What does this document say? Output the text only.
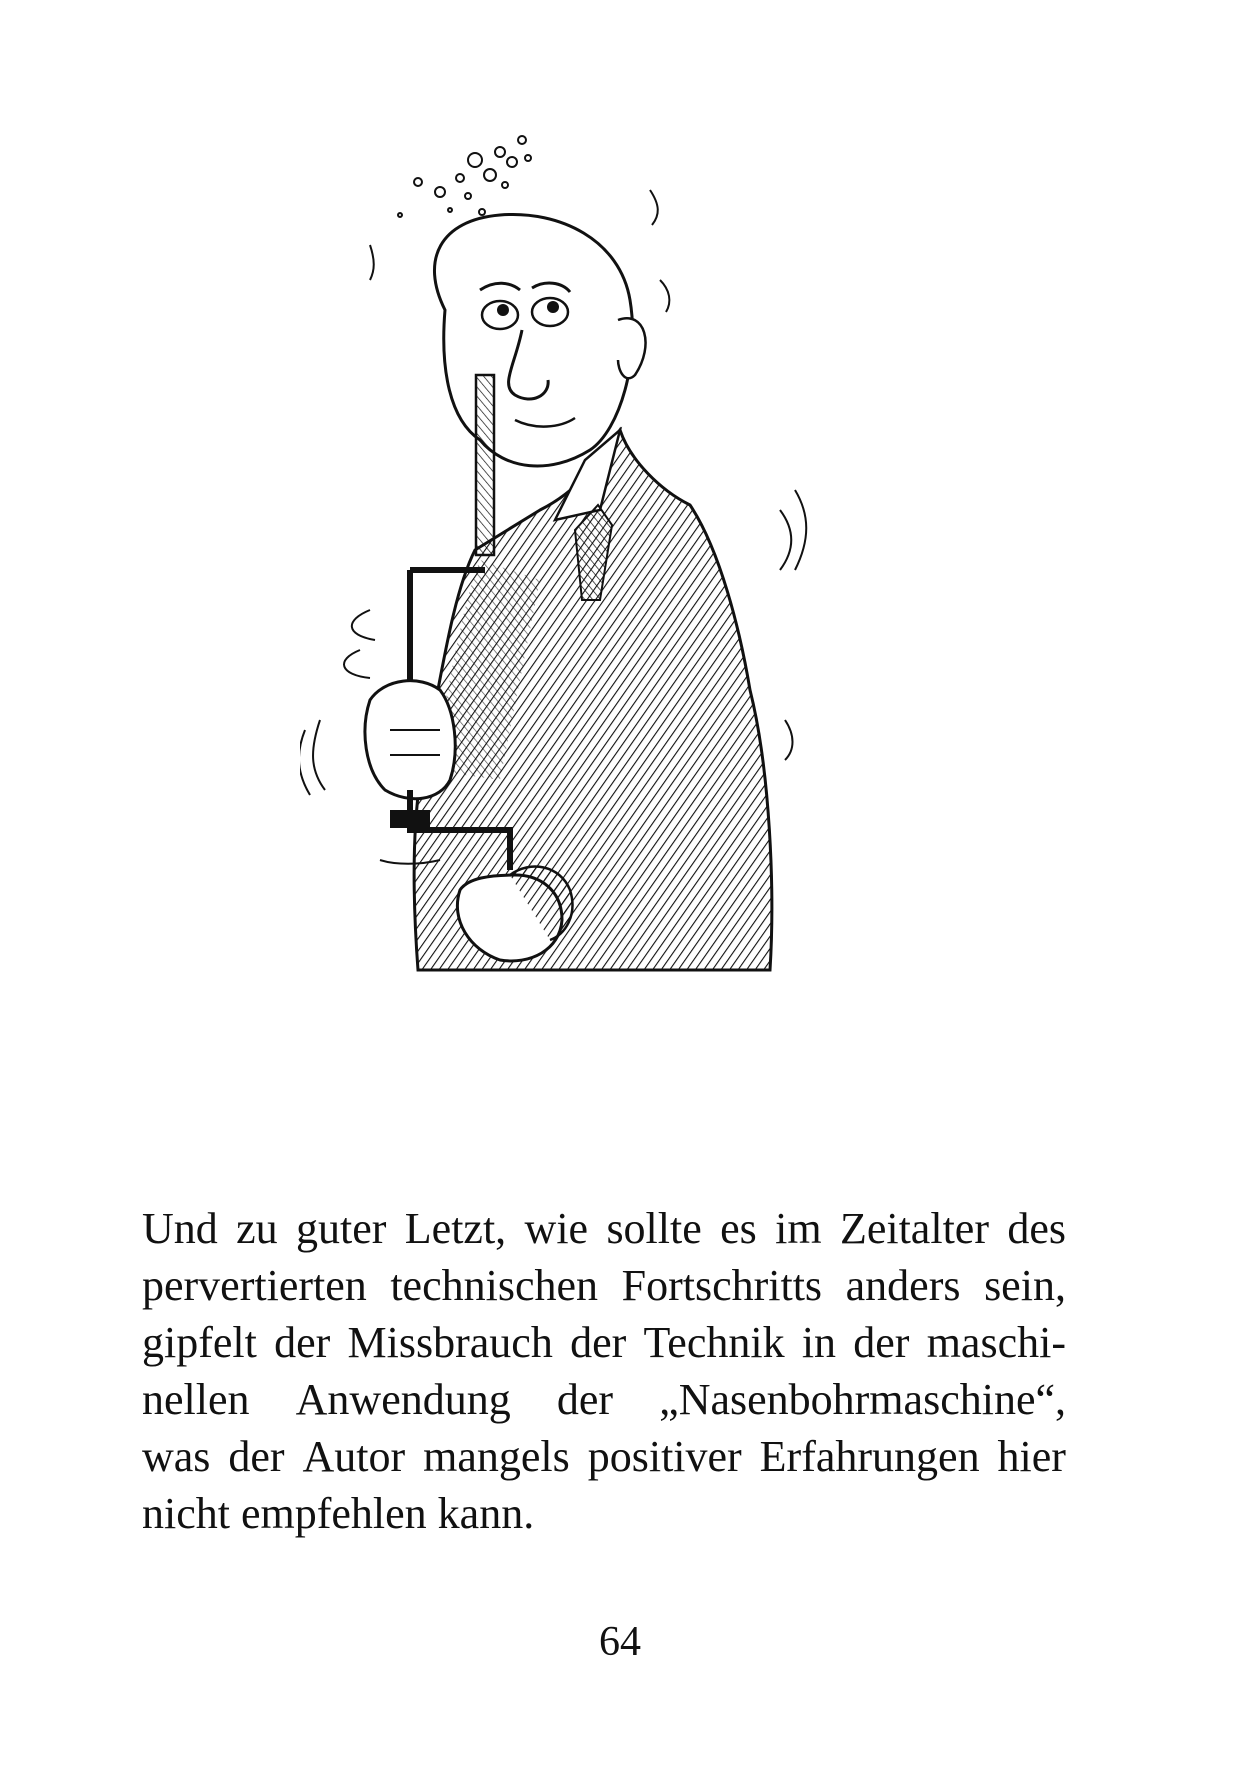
Und zu guter Letzt, wie sollte es im Zeitalter des
pervertierten technischen Fortschritts anders sein,
gipfelt der Missbrauch der Technik in der maschi-
nellen Anwendung der „Nasenbohrmaschine“,
was der Autor mangels positiver Erfahrungen hier
nicht empfehlen kann.
64
